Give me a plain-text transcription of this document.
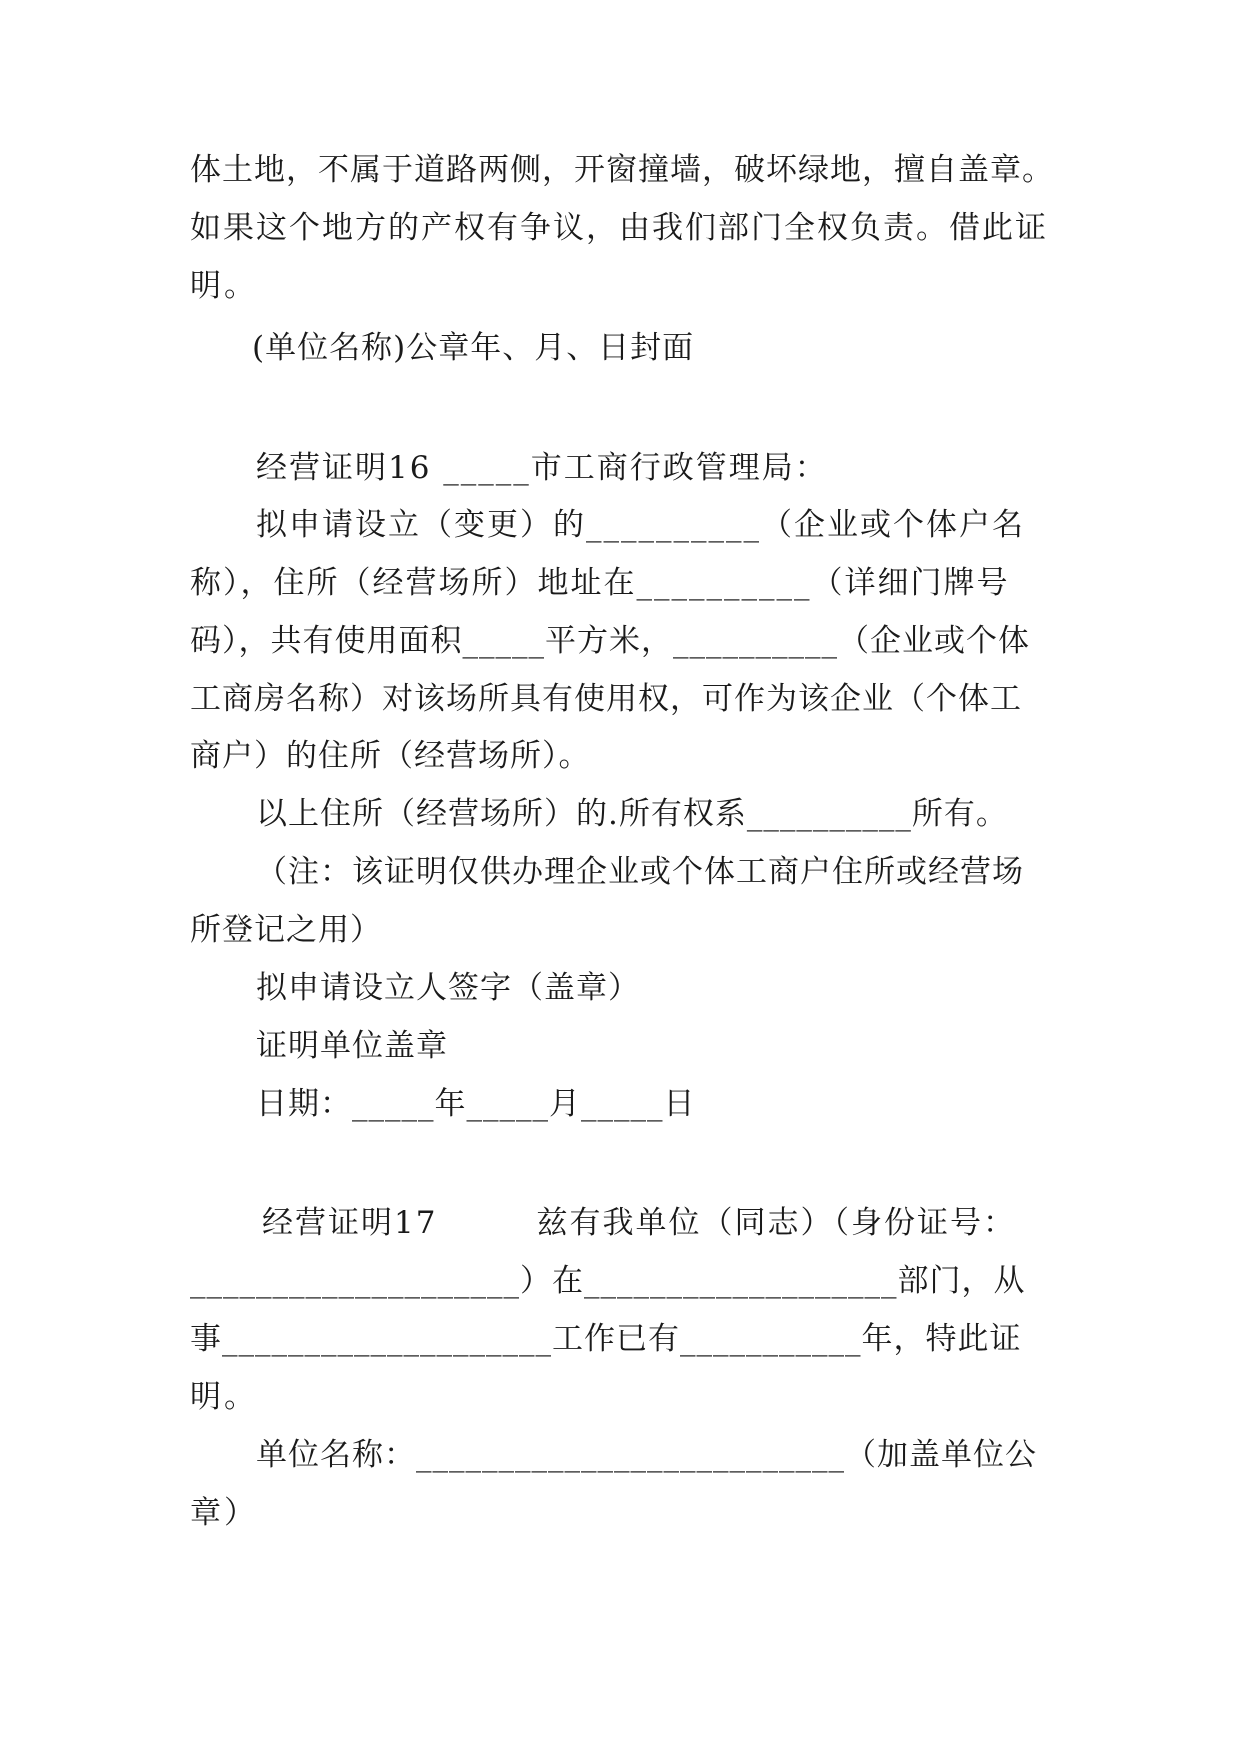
体土地，不属于道路两侧，开窗撞墙，破坏绿地，擅自盖章。
如果这个地方的产权有争议，由我们部门全权负责。借此证
明。
(单位名称)公章年、月、日封面
经营证明16 _____市工商行政管理局：
拟申请设立（变更）的__________（企业或个体户名
称），住所（经营场所）地址在__________（详细门牌号
码），共有使用面积_____平方米，__________（企业或个体
工商房名称）对该场所具有使用权，可作为该企业（个体工
商户）的住所（经营场所）。
以上住所（经营场所）的.所有权系__________所有。
（注：该证明仅供办理企业或个体工商户住所或经营场
所登记之用）
拟申请设立人签字（盖章）
证明单位盖章
日期：_____年_____月_____日
经营证明17　　　兹有我单位（同志）（身份证号：
____________________）在___________________部门，从
事____________________工作已有___________年，特此证
明。
单位名称：__________________________（加盖单位公
章）
